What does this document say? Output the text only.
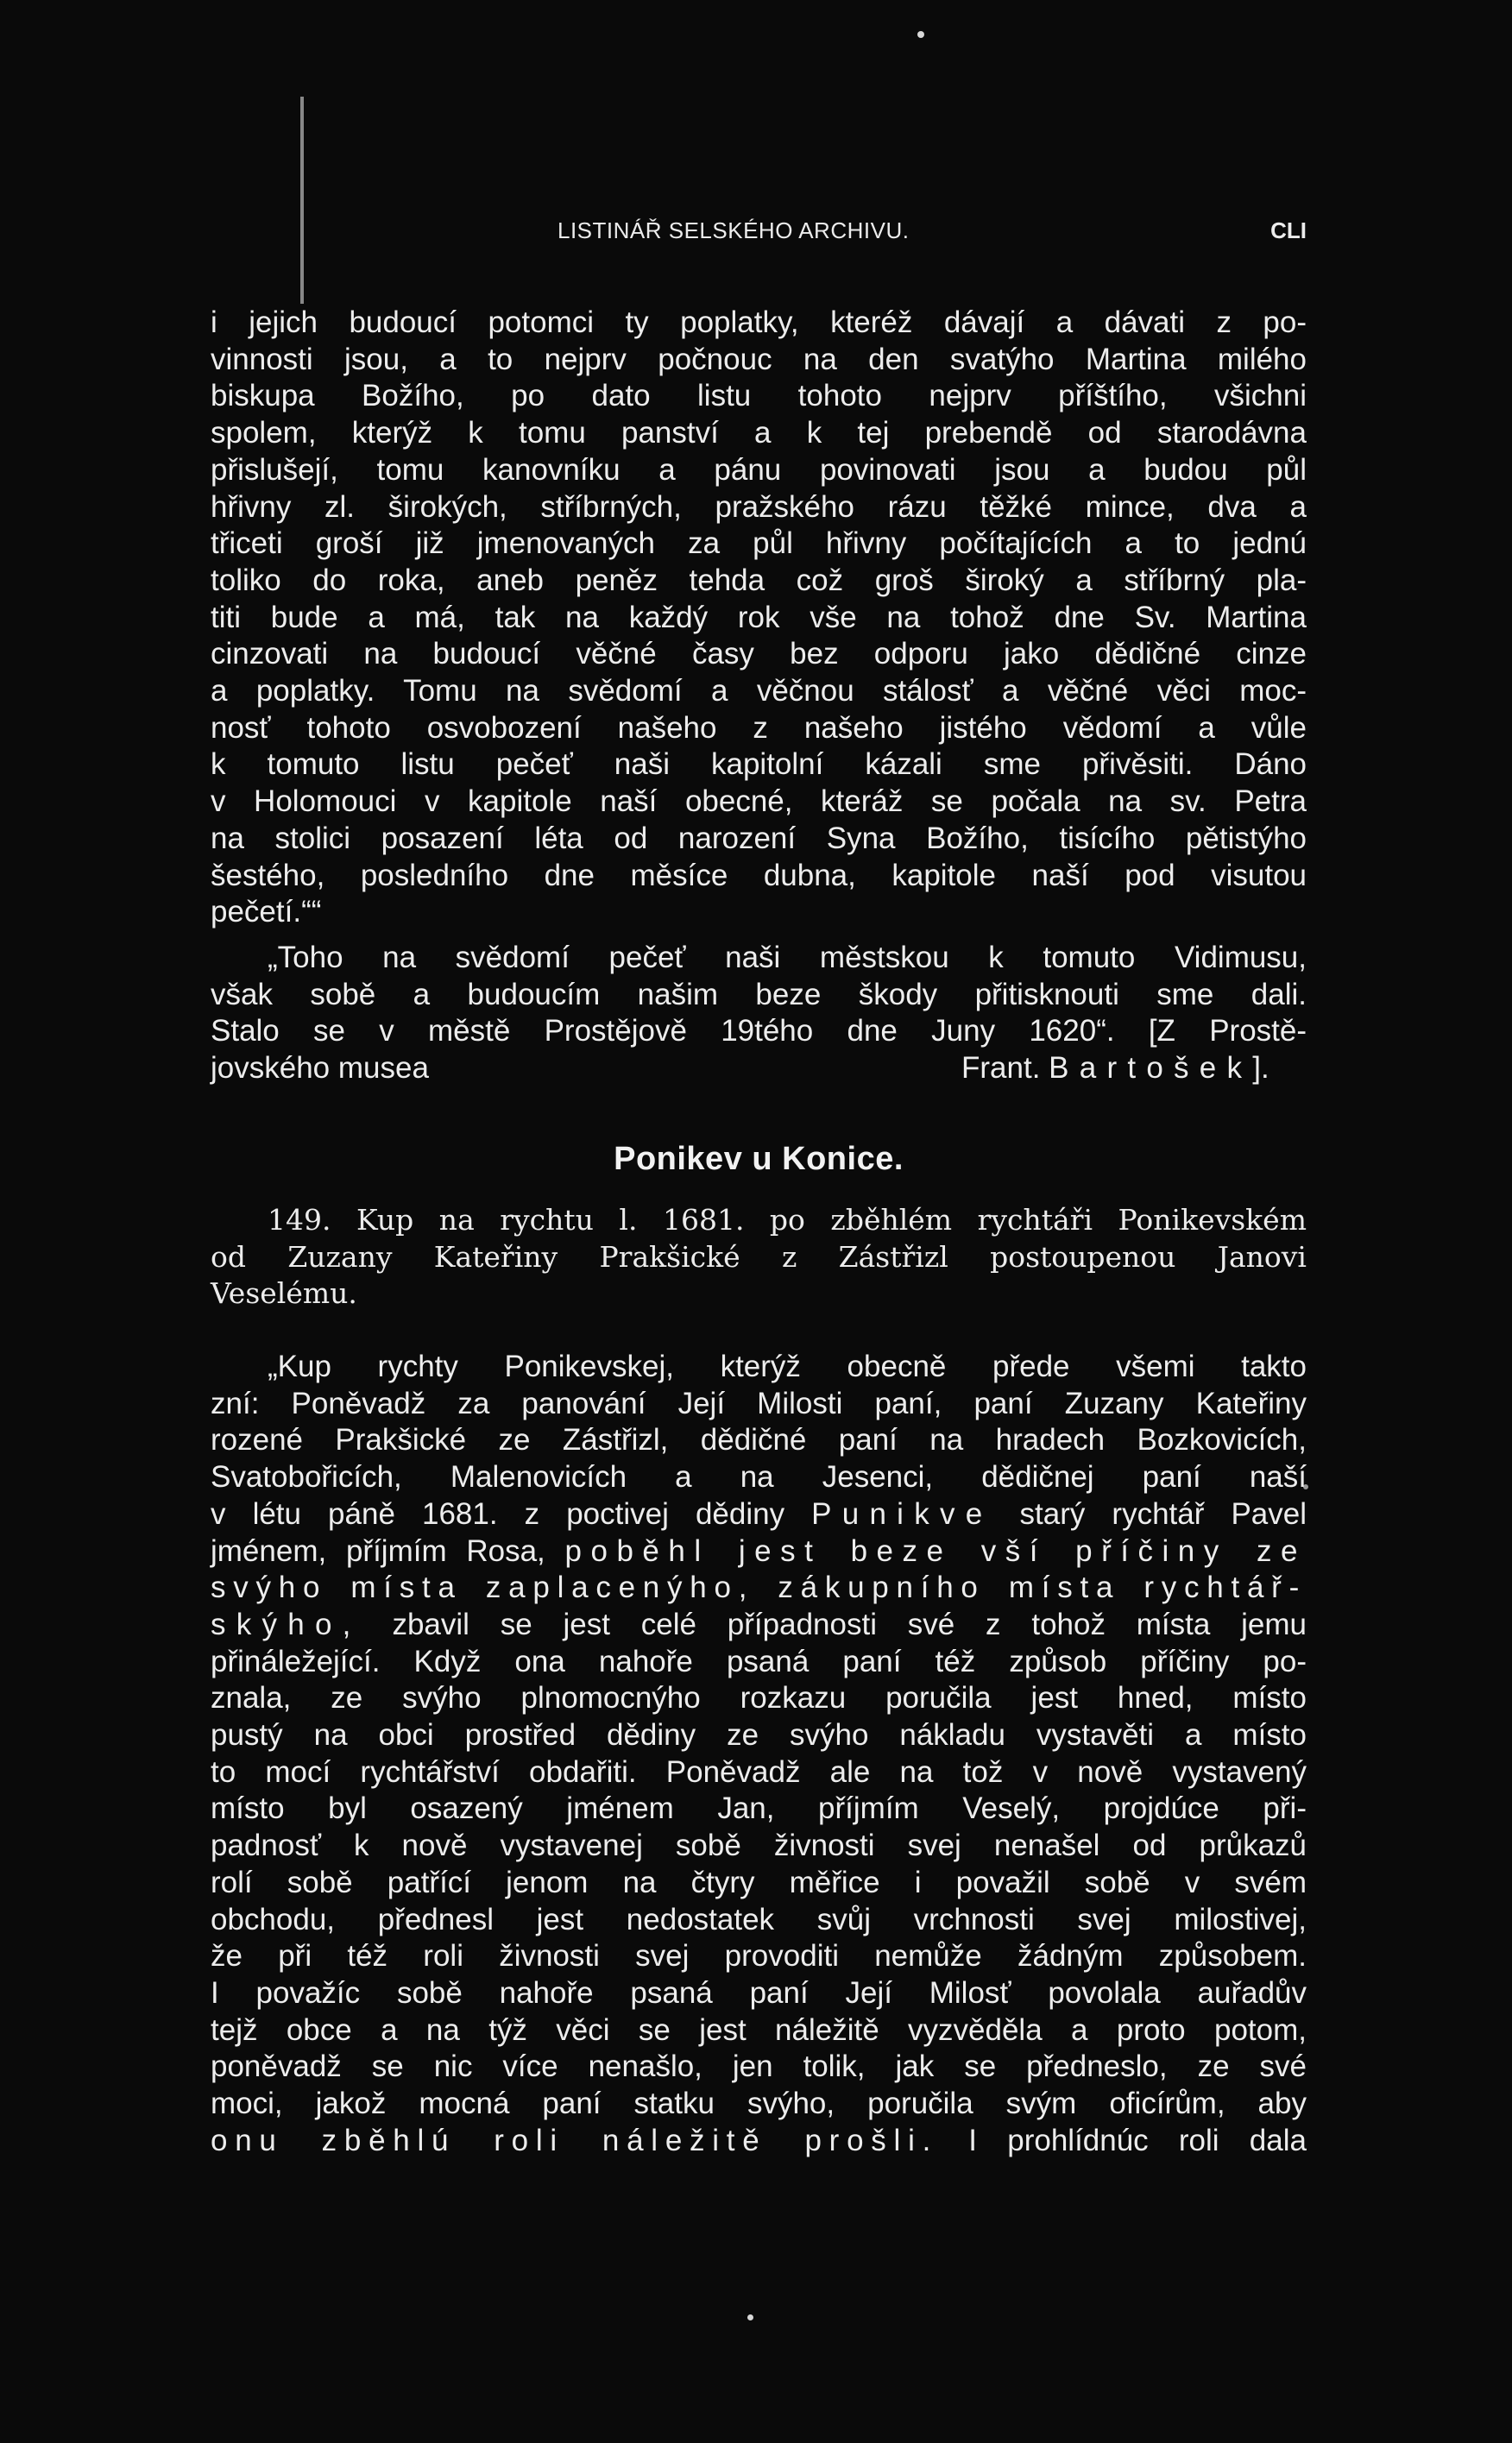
LISTINÁŘ SELSKÉHO ARCHIVU.	CLI
i jejich budoucí potomci ty poplatky, kteréž dávají a dávati z po-
vinnosti jsou, a to nejprv počnouc na den svatýho Martina milého
biskupa Božího, po dato listu tohoto nejprv příštího, všichni
spolem, kterýž k tomu panství a k tej prebendě od starodávna
přislušejí, tomu kanovníku a pánu povinovati jsou a budou půl
hřivny zl. širokých, stříbrných, pražského rázu těžké mince, dva a
třiceti groší již jmenovaných za půl hřivny počítajících a to jednú
toliko do roka, aneb peněz tehda což groš široký a stříbrný pla-
titi bude a má, tak na každý rok vše na tohož dne Sv. Martina
cinzovati na budoucí věčné časy bez odporu jako dědičné cinze
a poplatky. Tomu na svědomí a věčnou stálosť a věčné věci moc-
nosť tohoto osvobození našeho z našeho jistého vědomí a vůle
k tomuto listu pečeť naši kapitolní kázali sme přivěsiti. Dáno
v Holomouci v kapitole naší obecné, kteráž se počala na sv. Petra
na stolici posazení léta od narození Syna Božího, tisícího pětistýho
šestého, posledního dne měsíce dubna, kapitole naší pod visutou
pečetí.““
„Toho na svědomí pečeť naši městskou k tomuto Vidimusu,
však sobě a budoucím našim beze škody přitisknouti sme dali.
Stalo se v městě Prostějově 19tého dne Juny 1620“. [Z Prostě-
jovského musea	Frant. Bartošek].
Ponikev u Konice.
149. Kup na rychtu l. 1681. po zběhlém rychtáři Ponikevském
od Zuzany Kateřiny Prakšické z Zástřizl postoupenou Janovi
Veselému.
„Kup rychty Ponikevskej, kterýž obecně přede všemi takto
zní: Poněvadž za panování Její Milosti paní, paní Zuzany Kateřiny
rozené Prakšické ze Zástřizl, dědičné paní na hradech Bozkovicích,
Svatobořicích, Malenovicích a na Jesenci, dědičnej paní naší
v létu páně 1681. z poctivej dědiny Punikve starý rychtář Pavel
jménem, příjmím Rosa, poběhl jest beze vší příčiny ze
svýho místa zaplacenýho, zákupního místa rychtář-
skýho, zbavil se jest celé případnosti své z tohož místa jemu
přináležející. Když ona nahoře psaná paní též způsob příčiny po-
znala, ze svýho plnomocnýho rozkazu poručila jest hned, místo
pustý na obci prostřed dědiny ze svýho nákladu vystavěti a místo
to mocí rychtářství obdařiti. Poněvadž ale na tož v nově vystavený
místo byl osazený jménem Jan, příjmím Veselý, projdúce při-
padnosť k nově vystavenej sobě živnosti svej nenašel od průkazů
rolí sobě patřící jenom na čtyry měřice i považil sobě v svém
obchodu, přednesl jest nedostatek svůj vrchnosti svej milostivej,
že při též roli živnosti svej provoditi nemůže žádným způsobem.
I považíc sobě nahoře psaná paní Její Milosť povolala auřadův
tejž obce a na týž věci se jest náležitě vyzvěděla a proto potom,
poněvadž se nic více nenašlo, jen tolik, jak se předneslo, ze své
moci, jakož mocná paní statku svýho, poručila svým oficírům, aby
onu zběhlú roli náležitě prošli. I prohlídnúc roli dala
